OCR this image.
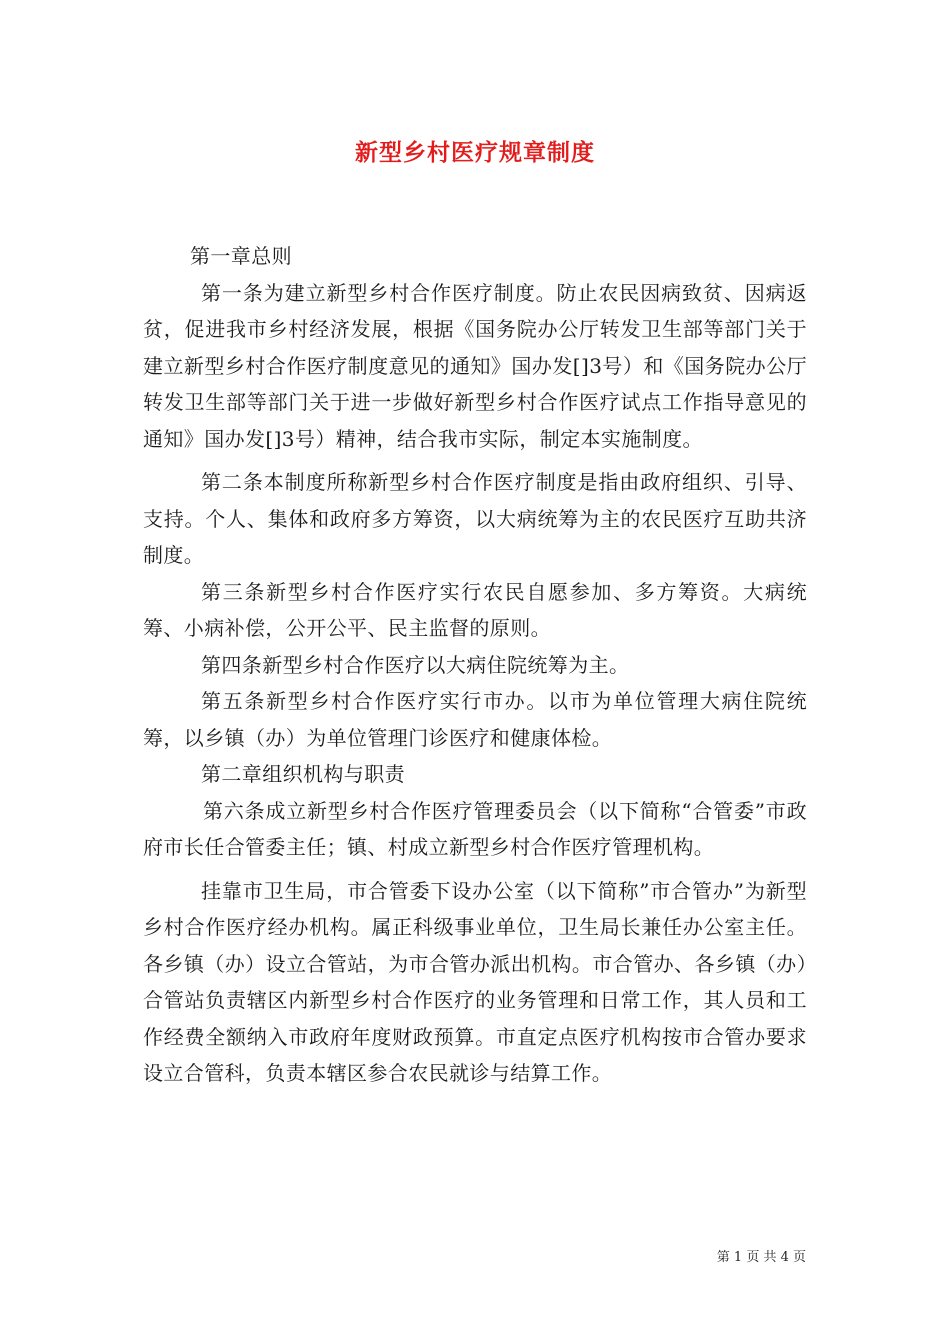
新型乡村医疗规章制度

第一章总则

第一条为建立新型乡村合作医疗制度。防止农民因病致贫、因病返贫，促进我市乡村经济发展，根据《国务院办公厅转发卫生部等部门关于建立新型乡村合作医疗制度意见的通知》国办发[]3号）和《国务院办公厅转发卫生部等部门关于进一步做好新型乡村合作医疗试点工作指导意见的通知》国办发[]3号）精神，结合我市实际，制定本实施制度。

第二条本制度所称新型乡村合作医疗制度是指由政府组织、引导、支持。个人、集体和政府多方筹资，以大病统筹为主的农民医疗互助共济制度。

第三条新型乡村合作医疗实行农民自愿参加、多方筹资。大病统筹、小病补偿，公开公平、民主监督的原则。

第四条新型乡村合作医疗以大病住院统筹为主。

第五条新型乡村合作医疗实行市办。以市为单位管理大病住院统筹，以乡镇（办）为单位管理门诊医疗和健康体检。

第二章组织机构与职责

第六条成立新型乡村合作医疗管理委员会（以下简称“合管委”市政府市长任合管委主任；镇、村成立新型乡村合作医疗管理机构。

挂靠市卫生局，市合管委下设办公室（以下简称”市合管办”为新型乡村合作医疗经办机构。属正科级事业单位，卫生局长兼任办公室主任。各乡镇（办）设立合管站，为市合管办派出机构。市合管办、各乡镇（办）合管站负责辖区内新型乡村合作医疗的业务管理和日常工作，其人员和工作经费全额纳入市政府年度财政预算。市直定点医疗机构按市合管办要求设立合管科，负责本辖区参合农民就诊与结算工作。

第 1 页 共 4 页
